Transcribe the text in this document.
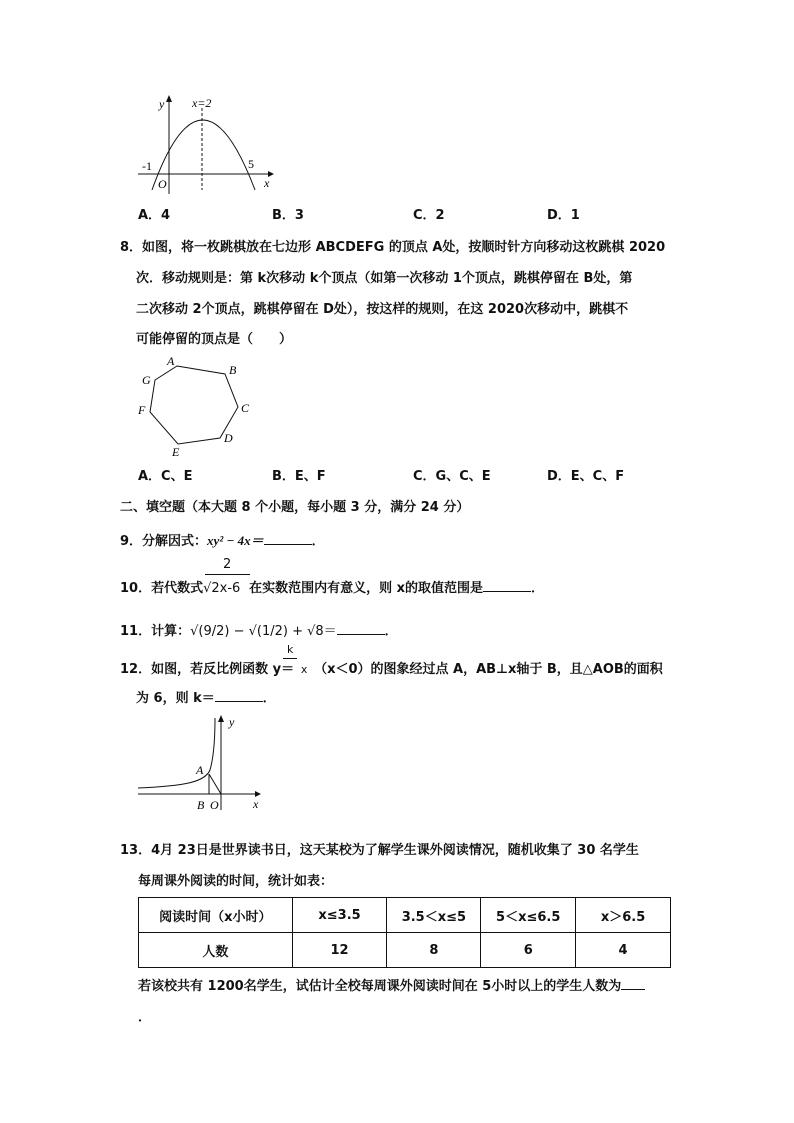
y
x
O
x=2
-1	5
A．4	B．3	C．2	D．1
8．如图，将一枚跳棋放在七边形 ABCDEFG 的顶点 A处，按顺时针方向移动这枚跳棋 2020
次．移动规则是：第 k次移动 k个顶点（如第一次移动 1个顶点，跳棋停留在 B处，第
二次移动 2个顶点，跳棋停留在 D处），按这样的规则，在这 2020次移动中，跳棋不
可能停留的顶点是（　　）
A
B
C
D
E
F
G
A．C、E	B．E、F	C．G、C、E	D．E、C、F
二、填空题（本大题 8 个小题，每小题 3 分，满分 24 分）
9．分解因式：xy² − 4x＝	．
2
10．若代数式√2x-6 在实数范围内有意义，则 x的取值范围是	．
11．计算：√(9/2) − √(1/2) + √8＝	．
k
12．如图，若反比例函数 y＝ x （x＜0）的图象经过点 A，AB⊥x轴于 B，且△AOB的面积
为 6，则 k＝	．
y
x
A
B O
13．4月 23日是世界读书日，这天某校为了解学生课外阅读情况，随机收集了 30 名学生
每周课外阅读的时间，统计如表：
阅读时间（x小时）	x≤3.5	3.5＜x≤5	5＜x≤6.5	x＞6.5
人数	12	8	6	4
若该校共有 1200名学生，试估计全校每周课外阅读时间在 5小时以上的学生人数为
．
